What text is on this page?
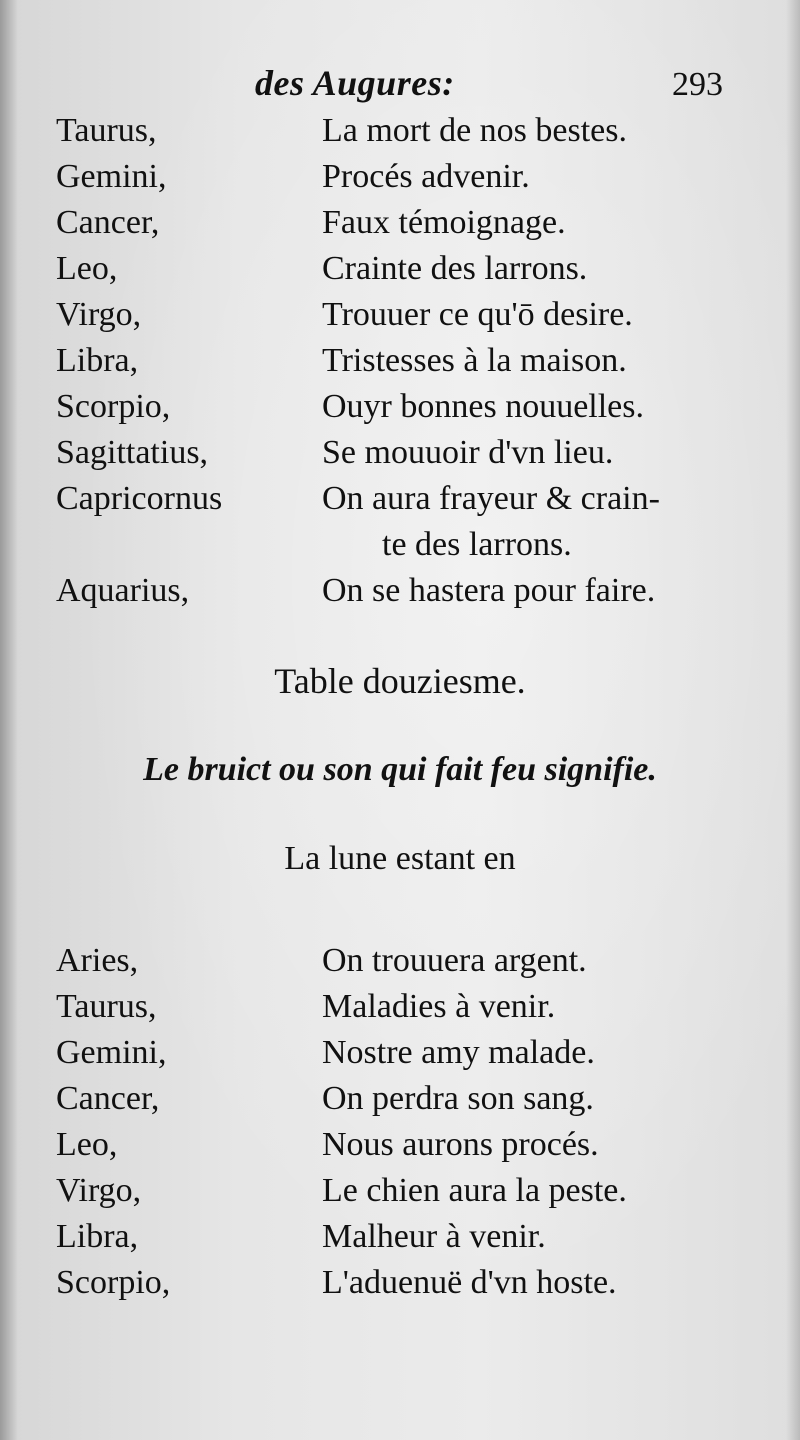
des Augures:	293
Taurus,	La mort de nos bestes.
Gemini,	Procés advenir.
Cancer,	Faux témoignage.
Leo,	Crainte des larrons.
Virgo,	Trouuer ce qu'ō desire.
Libra,	Tristesses à la maison.
Scorpio,	Ouyr bonnes nouuelles.
Sagittatius,	Se mouuoir d'vn lieu.
Capricornus	On aura frayeur & crain-
te des larrons.
Aquarius,	On se hastera pour faire.
Table douziesme.
Le bruict ou son qui fait feu signifie.
La lune estant en
Aries,	On trouuera argent.
Taurus,	Maladies à venir.
Gemini,	Nostre amy malade.
Cancer,	On perdra son sang.
Leo,	Nous aurons procés.
Virgo,	Le chien aura la peste.
Libra,	Malheur à venir.
Scorpio,	L'aduenuë d'vn hoste.
